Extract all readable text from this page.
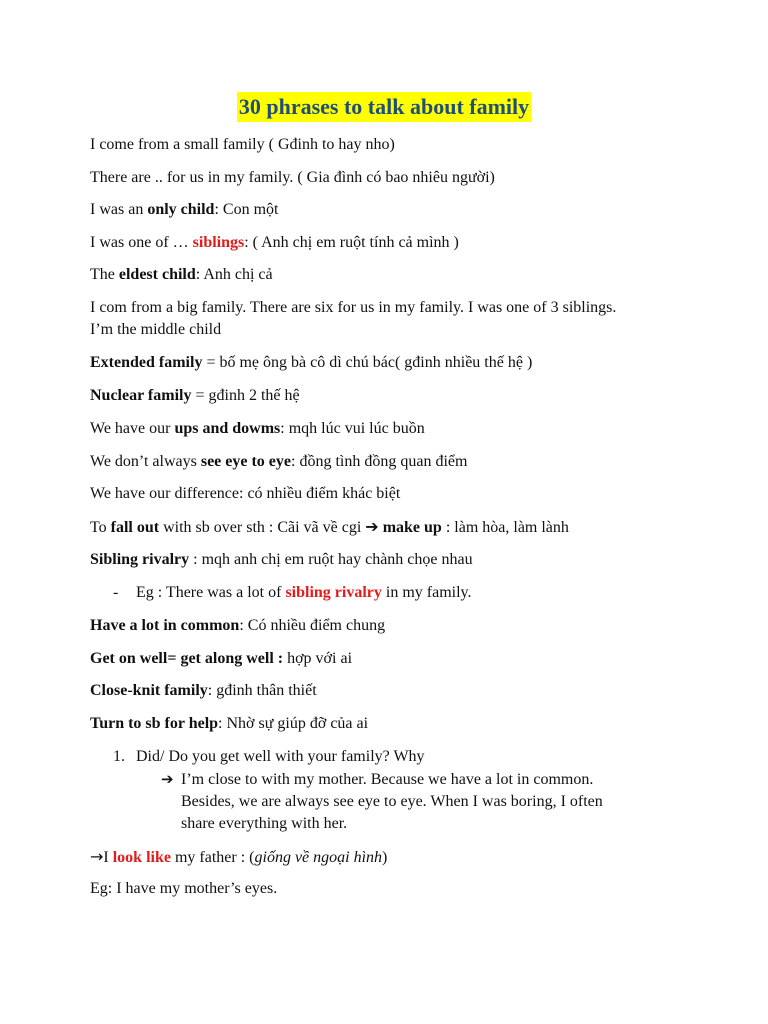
30 phrases to talk about family
I come from a small family ( Gđinh to hay nho)
There are .. for us in my family. ( Gia đình có bao nhiêu người)
I was an only child: Con một
I was one of … siblings: ( Anh chị em ruột tính cả mình )
The eldest child: Anh chị cả
I com from a big family. There are six for us in my family. I was one of 3 siblings.
I’m the middle child
Extended family = bố mẹ ông bà cô dì chú bác( gđinh nhiều thế hệ )
Nuclear family = gđinh 2 thế hệ
We have our ups and dowms: mqh lúc vui lúc buồn
We don’t always see eye to eye: đồng tình đồng quan điểm
We have our difference: có nhiều điểm khác biệt
To fall out with sb over sth : Cãi vã về cgi ➔ make up : làm hòa, làm lành
Sibling rivalry : mqh anh chị em ruột hay chành chọe nhau
- Eg : There was a lot of sibling rivalry in my family.
Have a lot in common: Có nhiều điểm chung
Get on well= get along well : hợp với ai
Close-knit family: gđinh thân thiết
Turn to sb for help: Nhờ sự giúp đỡ của ai
1. Did/ Do you get well with your family? Why
➔ I’m close to with my mother. Because we have a lot in common.
Besides, we are always see eye to eye. When I was boring, I often
share everything with her.
→I look like my father : (giống về ngoại hình)
Eg: I have my mother’s eyes.
